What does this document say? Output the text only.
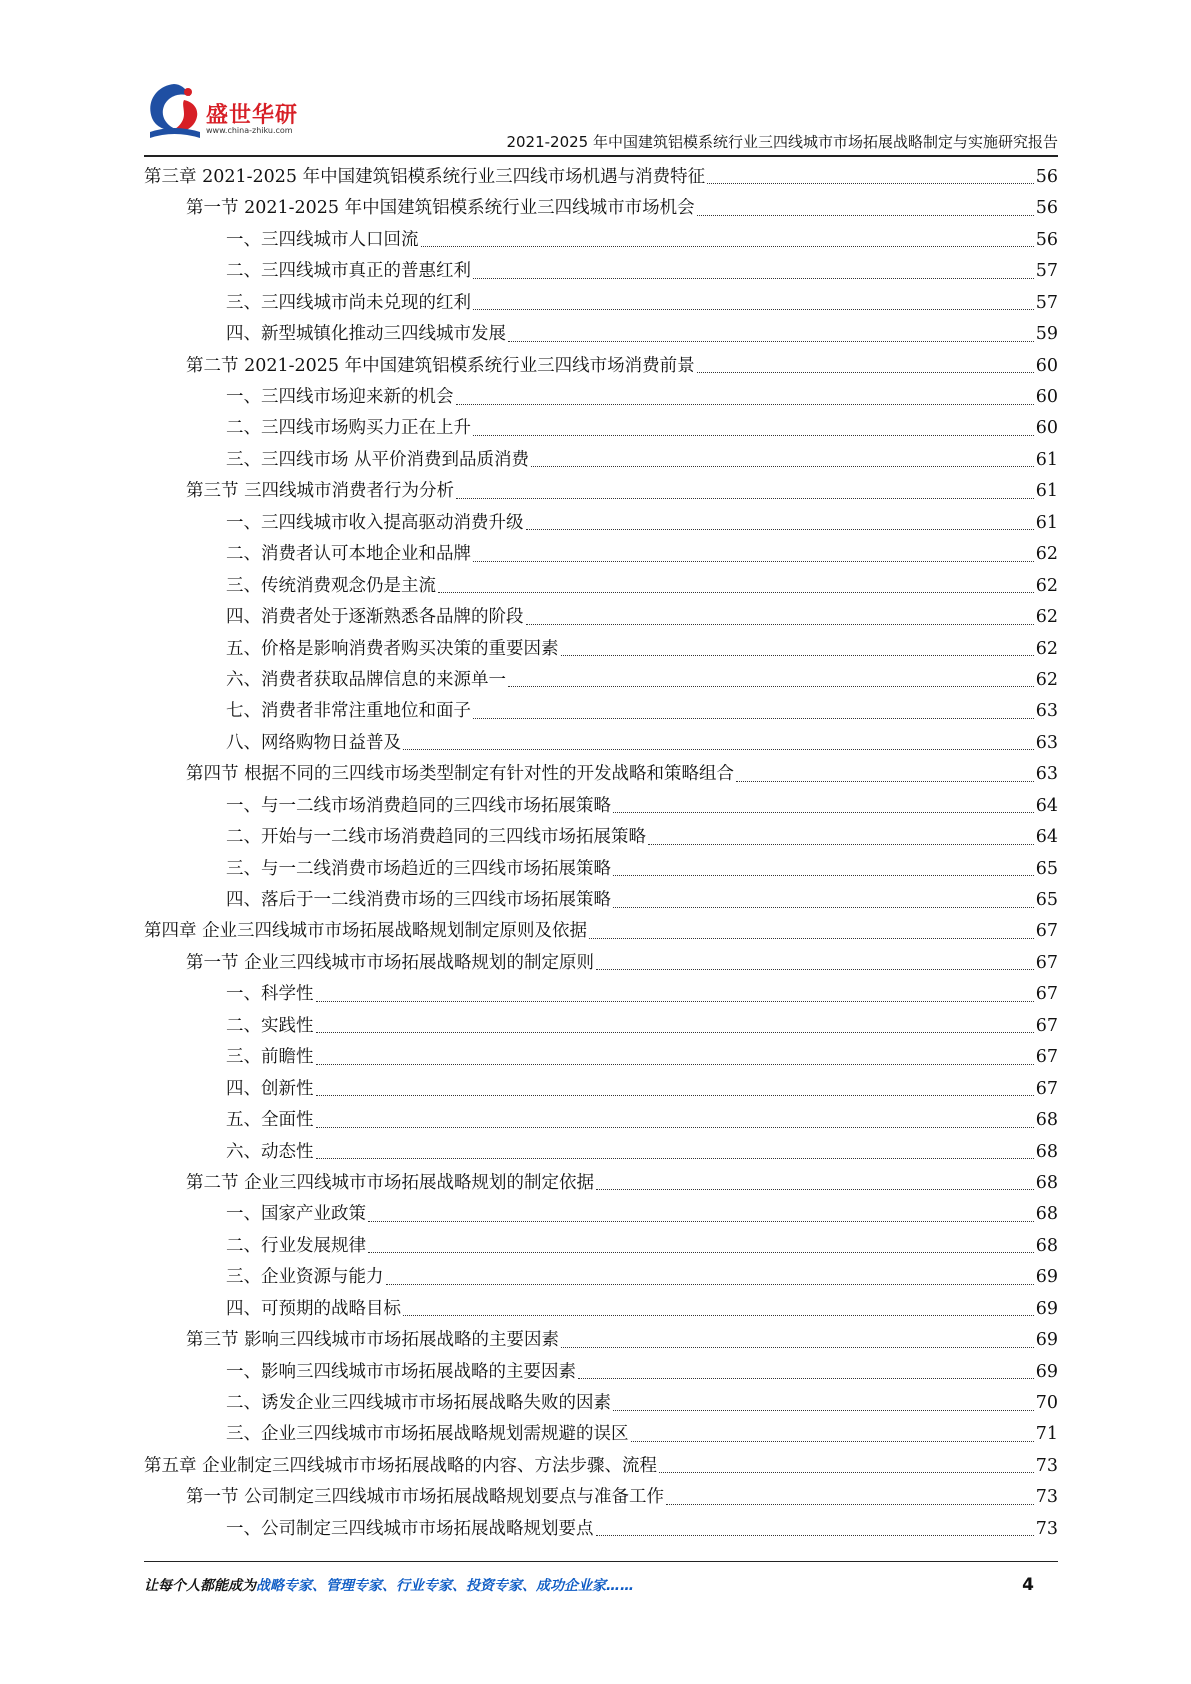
盛世华研
www.china-zhiku.com
2021-2025 年中国建筑铝模系统行业三四线城市市场拓展战略制定与实施研究报告
第三章 2021-2025 年中国建筑铝模系统行业三四线市场机遇与消费特征	56
第一节 2021-2025 年中国建筑铝模系统行业三四线城市市场机会	56
一、三四线城市人口回流	56
二、三四线城市真正的普惠红利	57
三、三四线城市尚未兑现的红利	57
四、新型城镇化推动三四线城市发展	59
第二节 2021-2025 年中国建筑铝模系统行业三四线市场消费前景	60
一、三四线市场迎来新的机会	60
二、三四线市场购买力正在上升	60
三、三四线市场 从平价消费到品质消费	61
第三节 三四线城市消费者行为分析	61
一、三四线城市收入提高驱动消费升级	61
二、消费者认可本地企业和品牌	62
三、传统消费观念仍是主流	62
四、消费者处于逐渐熟悉各品牌的阶段	62
五、价格是影响消费者购买决策的重要因素	62
六、消费者获取品牌信息的来源单一	62
七、消费者非常注重地位和面子	63
八、网络购物日益普及	63
第四节 根据不同的三四线市场类型制定有针对性的开发战略和策略组合	63
一、与一二线市场消费趋同的三四线市场拓展策略	64
二、开始与一二线市场消费趋同的三四线市场拓展策略	64
三、与一二线消费市场趋近的三四线市场拓展策略	65
四、落后于一二线消费市场的三四线市场拓展策略	65
第四章 企业三四线城市市场拓展战略规划制定原则及依据	67
第一节 企业三四线城市市场拓展战略规划的制定原则	67
一、科学性	67
二、实践性	67
三、前瞻性	67
四、创新性	67
五、全面性	68
六、动态性	68
第二节 企业三四线城市市场拓展战略规划的制定依据	68
一、国家产业政策	68
二、行业发展规律	68
三、企业资源与能力	69
四、可预期的战略目标	69
第三节 影响三四线城市市场拓展战略的主要因素	69
一、影响三四线城市市场拓展战略的主要因素	69
二、诱发企业三四线城市市场拓展战略失败的因素	70
三、企业三四线城市市场拓展战略规划需规避的误区	71
第五章 企业制定三四线城市市场拓展战略的内容、方法步骤、流程	73
第一节 公司制定三四线城市市场拓展战略规划要点与准备工作	73
一、公司制定三四线城市市场拓展战略规划要点	73
让每个人都能成为战略专家、管理专家、行业专家、投资专家、成功企业家……	4
